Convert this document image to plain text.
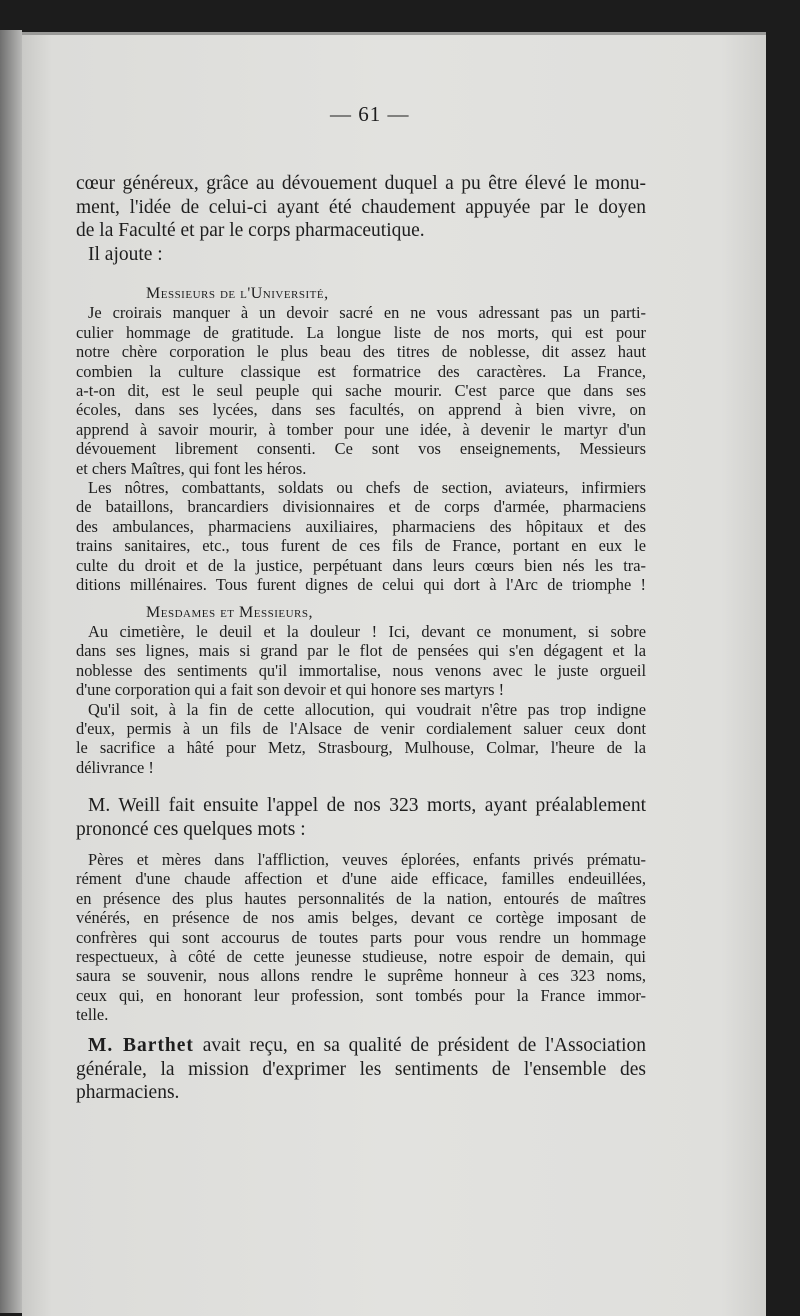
— 61 —
cœur généreux, grâce au dévouement duquel a pu être élevé le monu-
ment, l'idée de celui-ci ayant été chaudement appuyée par le doyen
de la Faculté et par le corps pharmaceutique.
Il ajoute :
Messieurs de l'Université,
Je croirais manquer à un devoir sacré en ne vous adressant pas un parti-
culier hommage de gratitude. La longue liste de nos morts, qui est pour
notre chère corporation le plus beau des titres de noblesse, dit assez haut
combien la culture classique est formatrice des caractères. La France,
a-t-on dit, est le seul peuple qui sache mourir. C'est parce que dans ses
écoles, dans ses lycées, dans ses facultés, on apprend à bien vivre, on
apprend à savoir mourir, à tomber pour une idée, à devenir le martyr d'un
dévouement librement consenti. Ce sont vos enseignements, Messieurs
et chers Maîtres, qui font les héros.
Les nôtres, combattants, soldats ou chefs de section, aviateurs, infirmiers
de bataillons, brancardiers divisionnaires et de corps d'armée, pharmaciens
des ambulances, pharmaciens auxiliaires, pharmaciens des hôpitaux et des
trains sanitaires, etc., tous furent de ces fils de France, portant en eux le
culte du droit et de la justice, perpétuant dans leurs cœurs bien nés les tra-
ditions millénaires. Tous furent dignes de celui qui dort à l'Arc de triomphe !
Mesdames et Messieurs,
Au cimetière, le deuil et la douleur ! Ici, devant ce monument, si sobre
dans ses lignes, mais si grand par le flot de pensées qui s'en dégagent et la
noblesse des sentiments qu'il immortalise, nous venons avec le juste orgueil
d'une corporation qui a fait son devoir et qui honore ses martyrs !
Qu'il soit, à la fin de cette allocution, qui voudrait n'être pas trop indigne
d'eux, permis à un fils de l'Alsace de venir cordialement saluer ceux dont
le sacrifice a hâté pour Metz, Strasbourg, Mulhouse, Colmar, l'heure de la
délivrance !
M. Weill fait ensuite l'appel de nos 323 morts, ayant préalablement
prononcé ces quelques mots :
Pères et mères dans l'affliction, veuves éplorées, enfants privés prématu-
rément d'une chaude affection et d'une aide efficace, familles endeuillées,
en présence des plus hautes personnalités de la nation, entourés de maîtres
vénérés, en présence de nos amis belges, devant ce cortège imposant de
confrères qui sont accourus de toutes parts pour vous rendre un hommage
respectueux, à côté de cette jeunesse studieuse, notre espoir de demain, qui
saura se souvenir, nous allons rendre le suprême honneur à ces 323 noms,
ceux qui, en honorant leur profession, sont tombés pour la France immor-
telle.
M. Barthet avait reçu, en sa qualité de président de l'Association
générale, la mission d'exprimer les sentiments de l'ensemble des
pharmaciens.
